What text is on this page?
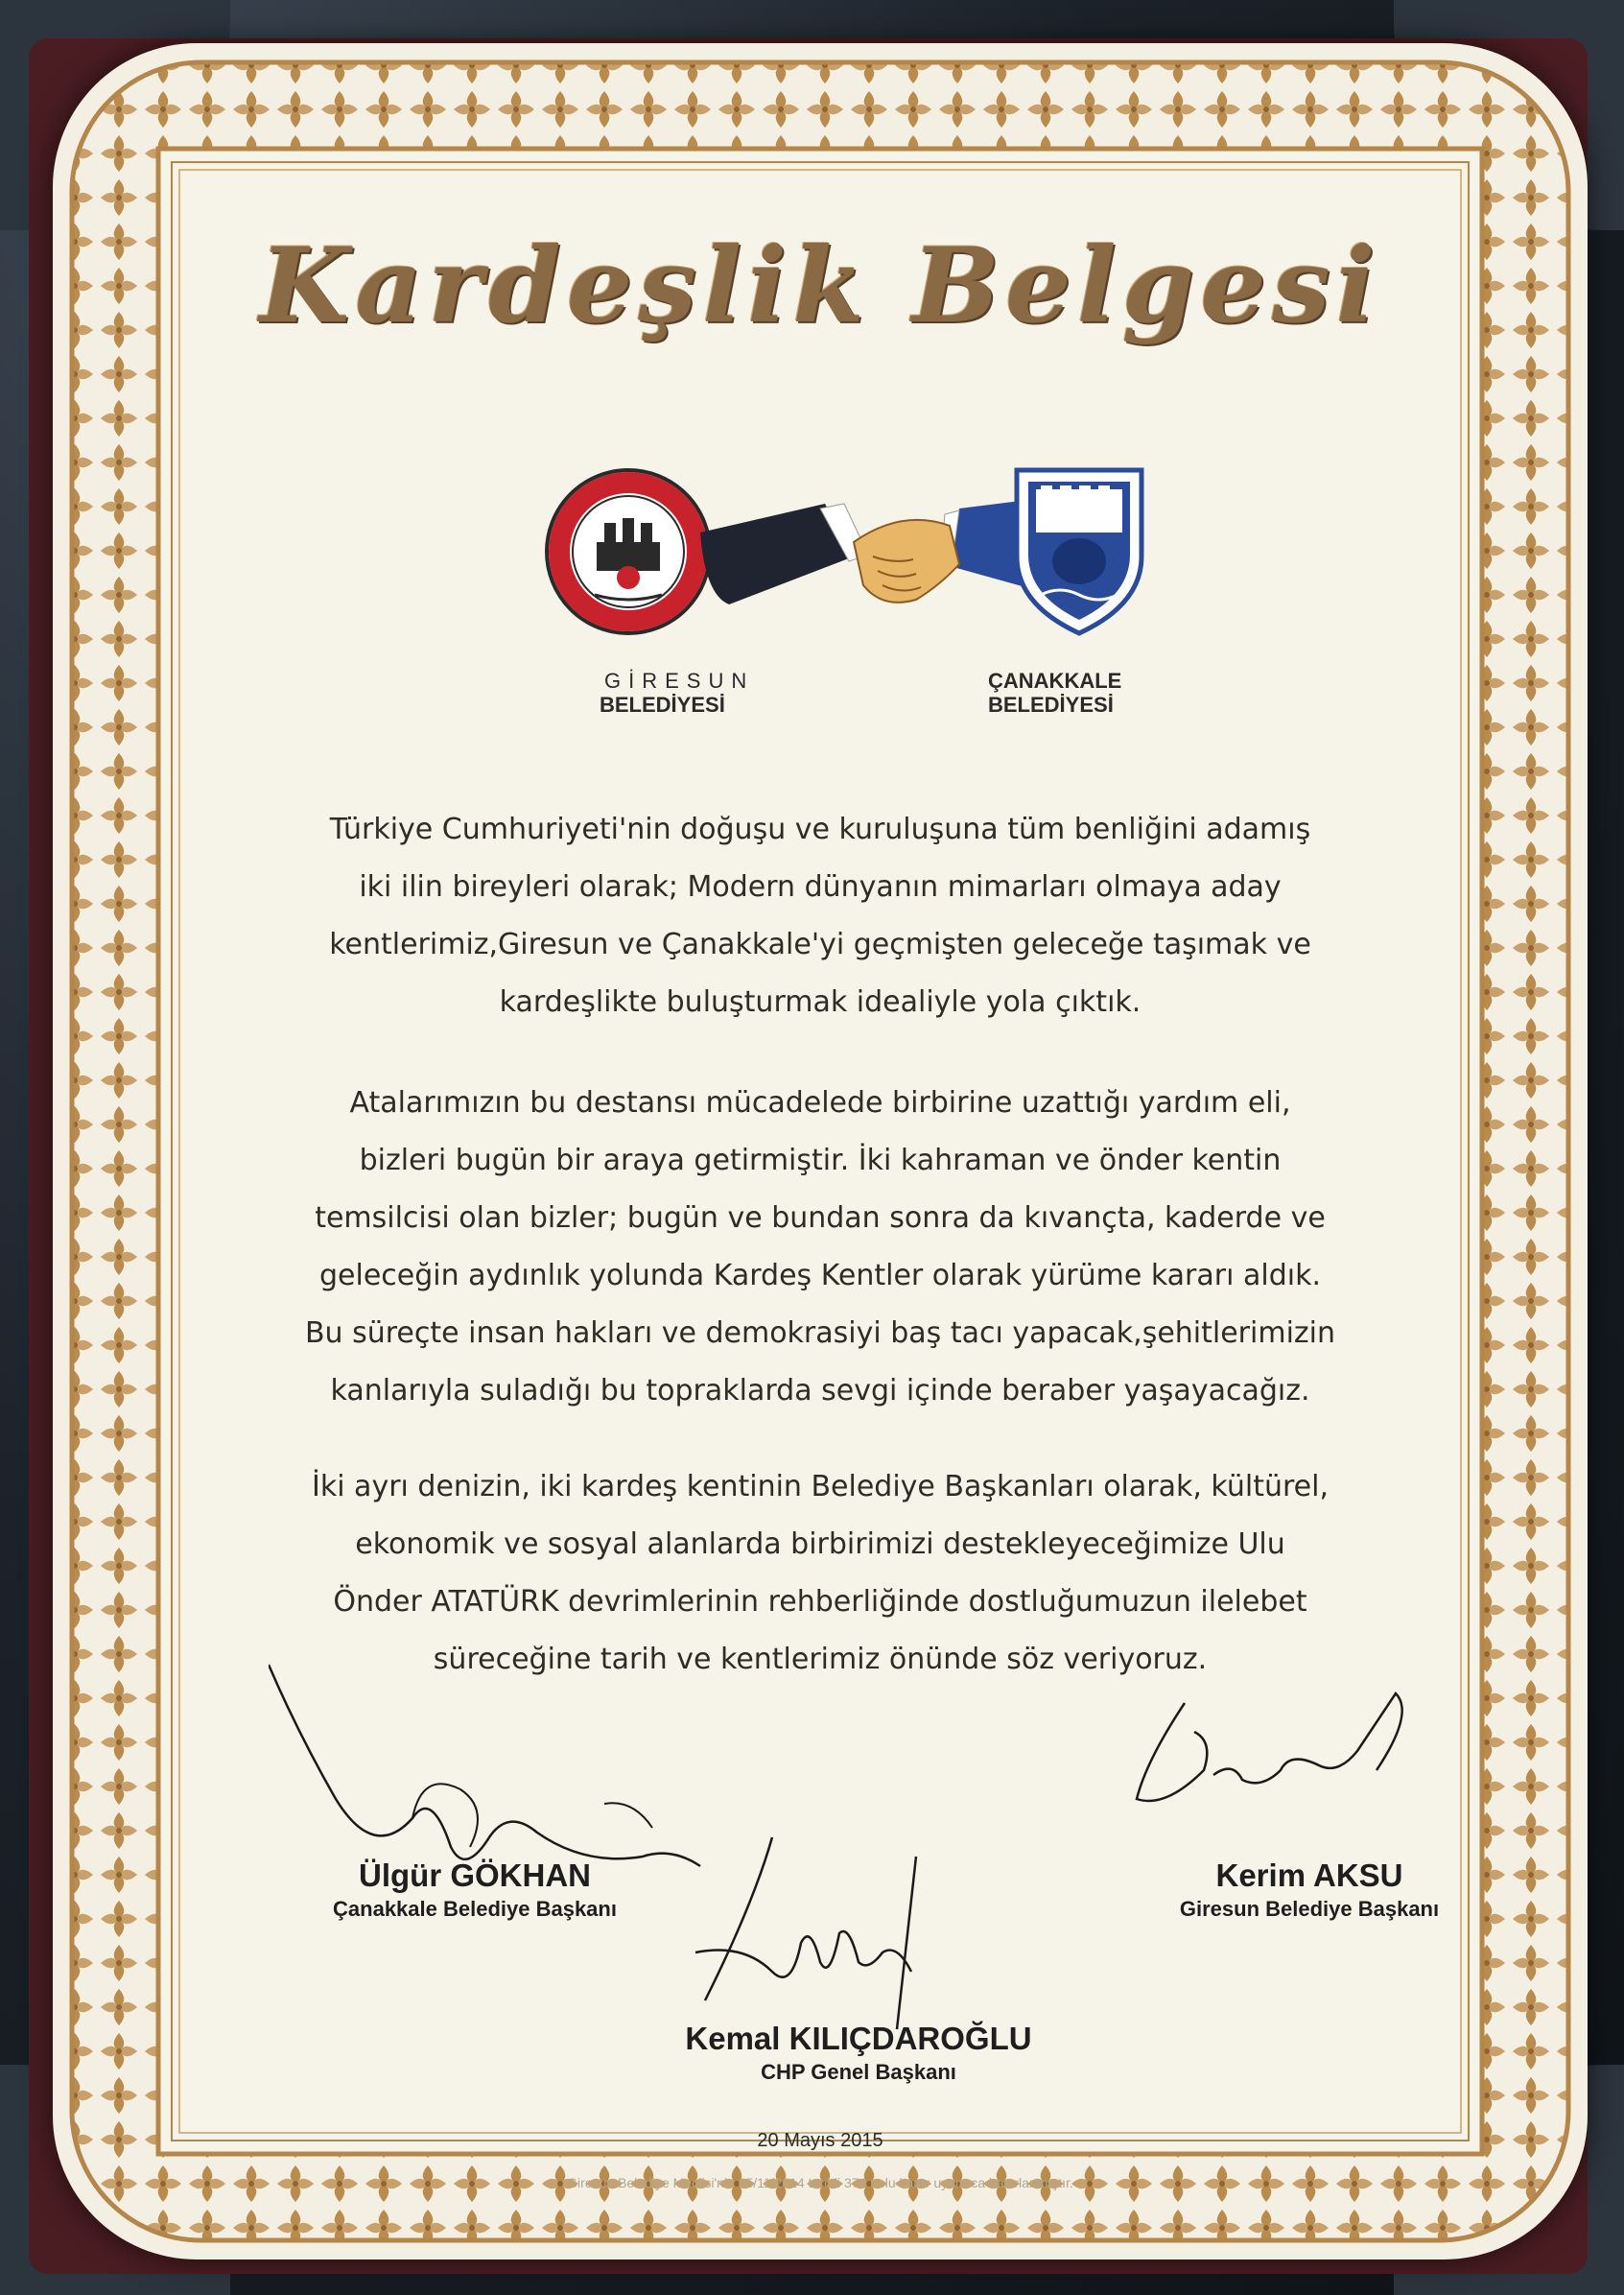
Kardeşlik Belgesi
GİRESUN
BELEDİYESİ
ÇANAKKALE
BELEDİYESİ

Türkiye Cumhuriyeti'nin doğuşu ve kuruluşuna tüm benliğini adamış

iki ilin bireyleri olarak; Modern dünyanın mimarları olmaya aday

kentlerimiz,Giresun ve Çanakkale'yi geçmişten geleceğe taşımak ve

kardeşlikte buluşturmak idealiyle yola çıktık.

Atalarımızın bu destansı mücadelede birbirine uzattığı yardım eli,

bizleri bugün bir araya getirmiştir. İki kahraman ve önder kentin

temsilcisi olan bizler; bugün ve bundan sonra da kıvançta, kaderde ve

geleceğin aydınlık yolunda Kardeş Kentler olarak yürüme kararı aldık.

Bu süreçte insan hakları ve demokrasiyi baş tacı yapacak,şehitlerimizin

kanlarıyla suladığı bu topraklarda sevgi içinde beraber yaşayacağız.

İki ayrı denizin, iki kardeş kentinin Belediye Başkanları olarak, kültürel,

ekonomik ve sosyal alanlarda birbirimizi destekleyeceğimize Ulu

Önder ATATÜRK devrimlerinin rehberliğinde dostluğumuzun ilelebet

süreceğine tarih ve kentlerimiz önünde söz veriyoruz.

Ülgür GÖKHAN
Çanakkale Belediye Başkanı
Kerim AKSU
Giresun Belediye Başkanı
Kemal KILIÇDAROĞLU
CHP Genel Başkanı
20 Mayıs 2015
Giresun Belediye Meclisi'nin 05/11/2014 tarihli 374 nolu karar uyarınca hazırlanmıştır.
